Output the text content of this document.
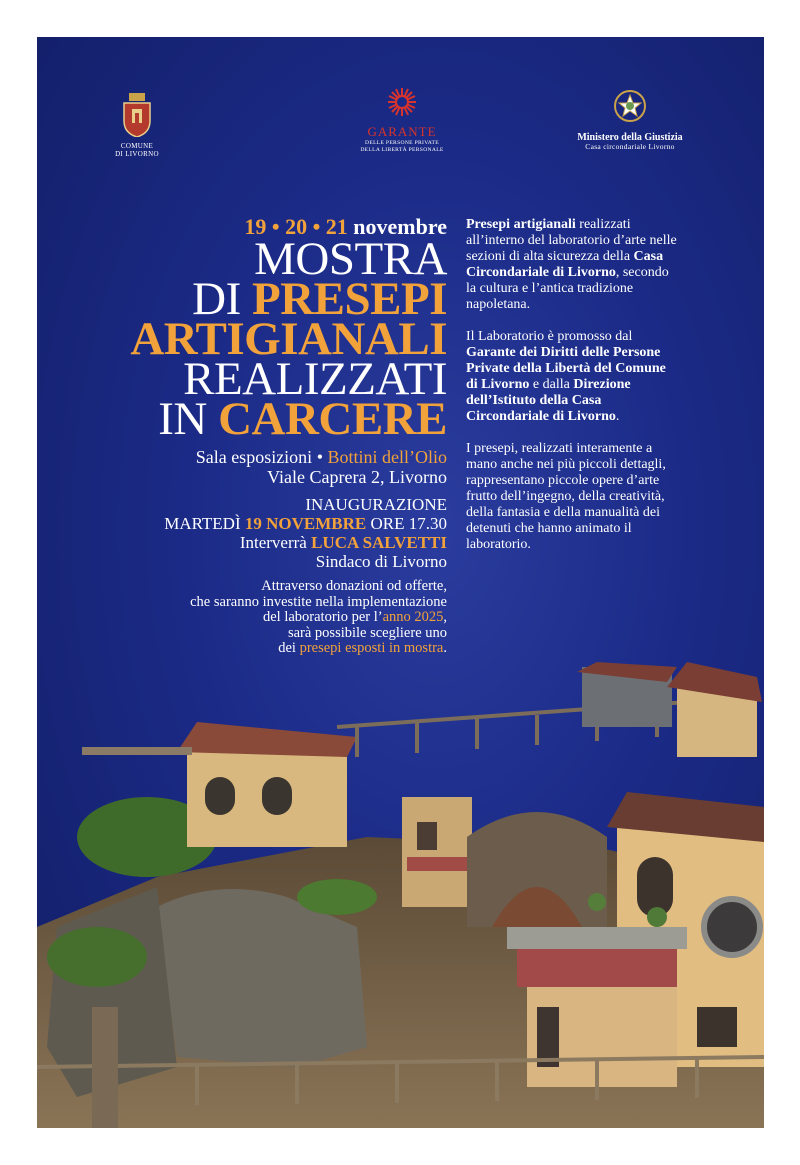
COMUNE
DI LIVORNO
GARANTE
DELLE PERSONE PRIVATE
DELLA LIBERTÀ PERSONALE
Ministero della Giustizia
Casa circondariale Livorno
19 • 20 • 21 novembre
MOSTRA
DI PRESEPI
ARTIGIANALI
REALIZZATI
IN CARCERE
Sala esposizioni • Bottini dell’Olio
Viale Caprera 2, Livorno
INAUGURAZIONE
MARTEDÌ 19 NOVEMBRE ORE 17.30
Interverrà LUCA SALVETTI
Sindaco di Livorno
Attraverso donazioni od offerte,
che saranno investite nella implementazione
del laboratorio per l’anno 2025,
sarà possibile scegliere uno
dei presepi esposti in mostra.

Presepi artigianali realizzati all’interno del laboratorio d’arte nelle sezioni di alta sicurezza della Casa Circondariale di Livorno, secondo la cultura e l’antica tradizione napoletana.

Il Laboratorio è promosso dal Garante dei Diritti delle Persone Private della Libertà del Comune di Livorno e dalla Direzione dell’Istituto della Casa Circondariale di Livorno.

I presepi, realizzati interamente a mano anche nei più piccoli dettagli, rappresentano piccole opere d’arte frutto dell’ingegno, della creatività, della fantasia e della manualità dei detenuti che hanno animato il laboratorio.
